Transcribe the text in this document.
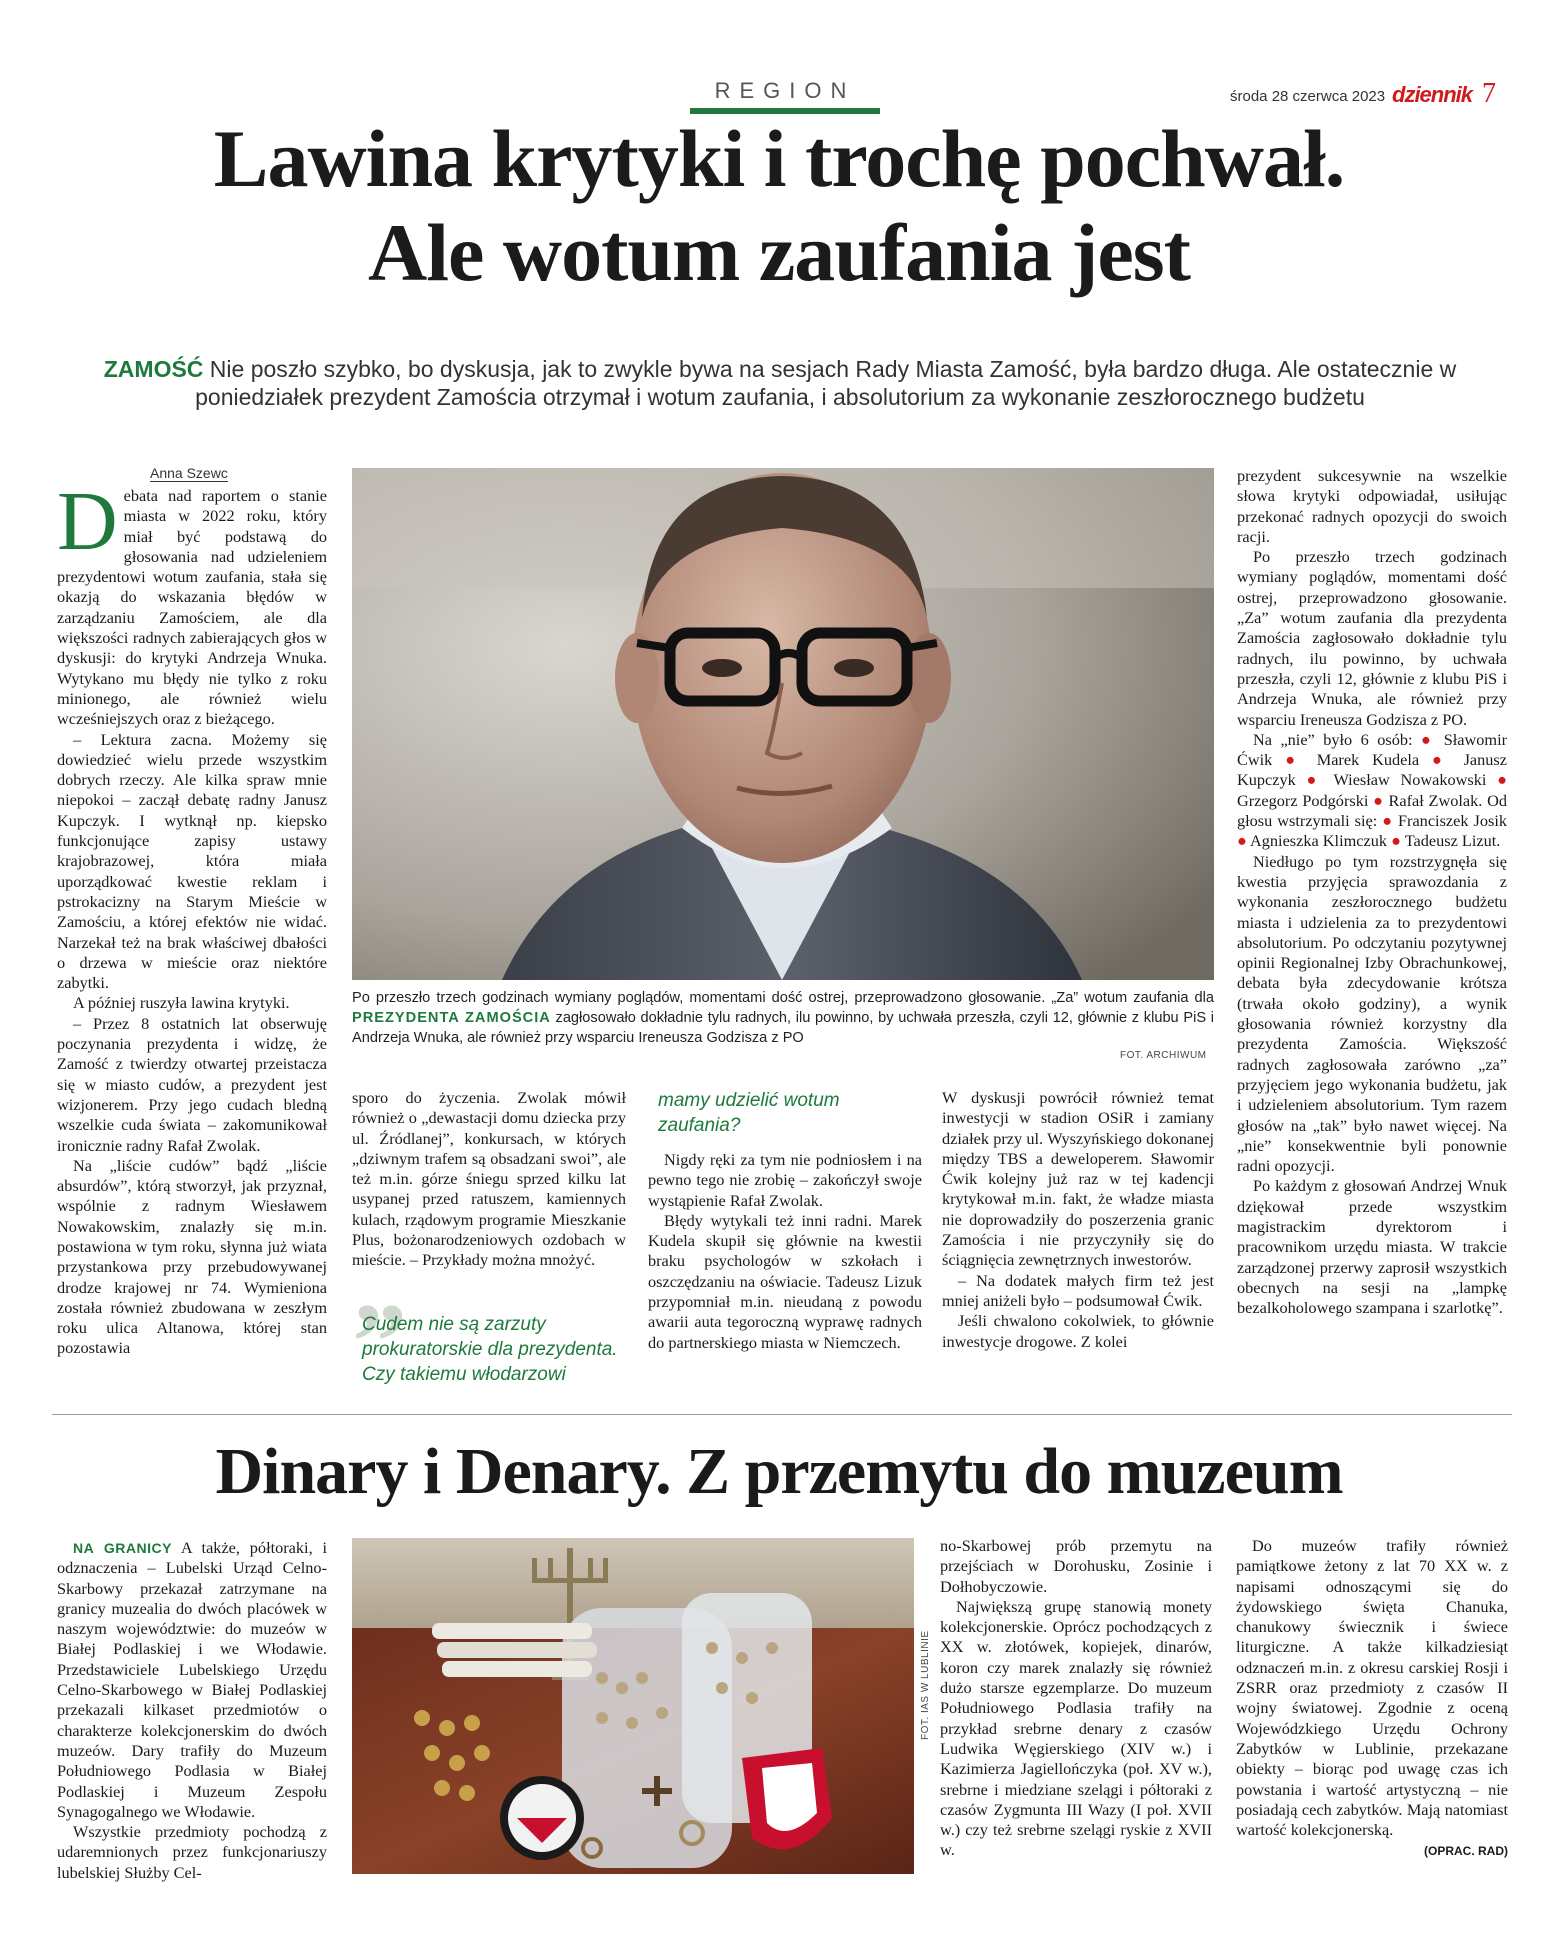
REGION	środa 28 czerwca 2023 dziennik 7
Lawina krytyki i trochę pochwał.
Ale wotum zaufania jest
ZAMOŚĆ Nie poszło szybko, bo dyskusja, jak to zwykle bywa na sesjach Rady Miasta Zamość, była bardzo długa. Ale ostatecznie w poniedziałek prezydent Zamościa otrzymał i wotum zaufania, i absolutorium za wykonanie zeszłorocznego budżetu
Anna Szewc

Debata nad raportem o stanie miasta w 2022 roku, który miał być podstawą do głosowania nad udzieleniem prezydentowi wotum zaufania, stała się okazją do wskazania błędów w zarządzaniu Zamościem, ale dla większości radnych zabierających głos w dyskusji: do krytyki Andrzeja Wnuka. Wytykano mu błędy nie tylko z roku minionego, ale również wielu wcześniejszych oraz z bieżącego.

– Lektura zacna. Możemy się dowiedzieć wielu przede wszystkim dobrych rzeczy. Ale kilka spraw mnie niepokoi – zaczął debatę radny Janusz Kupczyk. I wytknął np. kiepsko funkcjonujące zapisy ustawy krajobrazowej, która miała uporządkować kwestie reklam i pstrokacizny na Starym Mieście w Zamościu, a której efektów nie widać. Narzekał też na brak właściwej dbałości o drzewa w mieście oraz niektóre zabytki.

A później ruszyła lawina krytyki.

– Przez 8 ostatnich lat obserwuję poczynania prezydenta i widzę, że Zamość z twierdzy otwartej przeistacza się w miasto cudów, a prezydent jest wizjonerem. Przy jego cudach bledną wszelkie cuda świata – zakomunikował ironicznie radny Rafał Zwolak.

Na „liście cudów” bądź „liście absurdów”, którą stworzył, jak przyznał, wspólnie z radnym Wiesławem Nowakowskim, znalazły się m.in. postawiona w tym roku, słynna już wiata przystankowa przy przebudowywanej drodze krajowej nr 74. Wymieniona została również zbudowana w zeszłym roku ulica Altanowa, której stan pozostawia

Po przeszło trzech godzinach wymiany poglądów, momentami dość ostrej, przeprowadzono głosowanie. „Za” wotum zaufania dla PREZYDENTA ZAMOŚCIA zagłosowało dokładnie tylu radnych, ilu powinno, by uchwała przeszła, czyli 12, głównie z klubu PiS i Andrzeja Wnuka, ale również przy wsparciu Ireneusza Godzisza z PO
FOT. ARCHIWUM

sporo do życzenia. Zwolak mówił również o „dewastacji domu dziecka przy ul. Źródlanej”, konkursach, w których „dziwnym trafem są obsadzani swoi”, ale też m.in. górze śniegu sprzed kilku lat usypanej przed ratuszem, kamiennych kulach, rządowym programie Mieszkanie Plus, bożonarodzeniowych ozdobach w mieście. – Przykłady można mnożyć.

”
Cudem nie są zarzuty prokuratorskie dla prezydenta. Czy takiemu włodarzowi
mamy udzielić wotum zaufania?

Nigdy ręki za tym nie podniosłem i na pewno tego nie zrobię – zakończył swoje wystąpienie Rafał Zwolak.

Błędy wytykali też inni radni. Marek Kudela skupił się głównie na kwestii braku psychologów w szkołach i oszczędzaniu na oświacie. Tadeusz Lizuk przypomniał m.in. nieudaną z powodu awarii auta tegoroczną wyprawę radnych do partnerskiego miasta w Niemczech.

W dyskusji powrócił również temat inwestycji w stadion OSiR i zamiany działek przy ul. Wyszyńskiego dokonanej między TBS a deweloperem. Sławomir Ćwik kolejny już raz w tej kadencji krytykował m.in. fakt, że władze miasta nie doprowadziły do poszerzenia granic Zamościa i nie przyczyniły się do ściągnięcia zewnętrznych inwestorów.

– Na dodatek małych firm też jest mniej aniżeli było – podsumował Ćwik.

Jeśli chwalono cokolwiek, to głównie inwestycje drogowe. Z kolei

prezydent sukcesywnie na wszelkie słowa krytyki odpowiadał, usiłując przekonać radnych opozycji do swoich racji.

Po przeszło trzech godzinach wymiany poglądów, momentami dość ostrej, przeprowadzono głosowanie. „Za” wotum zaufania dla prezydenta Zamościa zagłosowało dokładnie tylu radnych, ilu powinno, by uchwała przeszła, czyli 12, głównie z klubu PiS i Andrzeja Wnuka, ale również przy wsparciu Ireneusza Godzisza z PO.

Na „nie” było 6 osób: ● Sławomir Ćwik ● Marek Kudela ● Janusz Kupczyk ● Wiesław Nowakowski ● Grzegorz Podgórski ● Rafał Zwolak. Od głosu wstrzymali się: ● Franciszek Josik ● Agnieszka Klimczuk ● Tadeusz Lizut.

Niedługo po tym rozstrzygnęła się kwestia przyjęcia sprawozdania z wykonania zeszłorocznego budżetu miasta i udzielenia za to prezydentowi absolutorium. Po odczytaniu pozytywnej opinii Regionalnej Izby Obrachunkowej, debata była zdecydowanie krótsza (trwała około godziny), a wynik głosowania również korzystny dla prezydenta Zamościa. Większość radnych zagłosowała zarówno „za” przyjęciem jego wykonania budżetu, jak i udzieleniem absolutorium. Tym razem głosów na „tak” było nawet więcej. Na „nie” konsekwentnie byli ponownie radni opozycji.

Po każdym z głosowań Andrzej Wnuk dziękował przede wszystkim magistrackim dyrektorom i pracownikom urzędu miasta. W trakcie zarządzonej przerwy zaprosił wszystkich obecnych na sesji na „lampkę bezalkoholowego szampana i szarlotkę”.

Dinary i Denary. Z przemytu do muzeum

NA GRANICY A także, półtoraki, i odznaczenia – Lubelski Urząd Celno-Skarbowy przekazał zatrzymane na granicy muzealia do dwóch placówek w naszym województwie: do muzeów w Białej Podlaskiej i we Włodawie. Przedstawiciele Lubelskiego Urzędu Celno-Skarbowego w Białej Podlaskiej przekazali kilkaset przedmiotów o charakterze kolekcjonerskim do dwóch muzeów. Dary trafiły do Muzeum Południowego Podlasia w Białej Podlaskiej i Muzeum Zespołu Synagogalnego we Włodawie.

Wszystkie przedmioty pochodzą z udaremnionych przez funkcjonariuszy lubelskiej Służby Cel-

FOT. IAS W LUBLINIE

no-Skarbowej prób przemytu na przejściach w Dorohusku, Zosinie i Dołhobyczowie.

Największą grupę stanowią monety kolekcjonerskie. Oprócz pochodzących z XX w. złotówek, kopiejek, dinarów, koron czy marek znalazły się również dużo starsze egzemplarze. Do muzeum Południowego Podlasia trafiły na przykład srebrne denary z czasów Ludwika Węgierskiego (XIV w.) i Kazimierza Jagiellończyka (poł. XV w.), srebrne i miedziane szelągi i półtoraki z czasów Zygmunta III Wazy (I poł. XVII w.) czy też srebrne szelągi ryskie z XVII w.

Do muzeów trafiły również pamiątkowe żetony z lat 70 XX w. z napisami odnoszącymi się do żydowskiego święta Chanuka, chanukowy świecznik i świece liturgiczne. A także kilkadziesiąt odznaczeń m.in. z okresu carskiej Rosji i ZSRR oraz przedmioty z czasów II wojny światowej. Zgodnie z oceną Wojewódzkiego Urzędu Ochrony Zabytków w Lublinie, przekazane obiekty – biorąc pod uwagę czas ich powstania i wartość artystyczną – nie posiadają cech zabytków. Mają natomiast wartość kolekcjonerską.

(OPRAC. RAD)
